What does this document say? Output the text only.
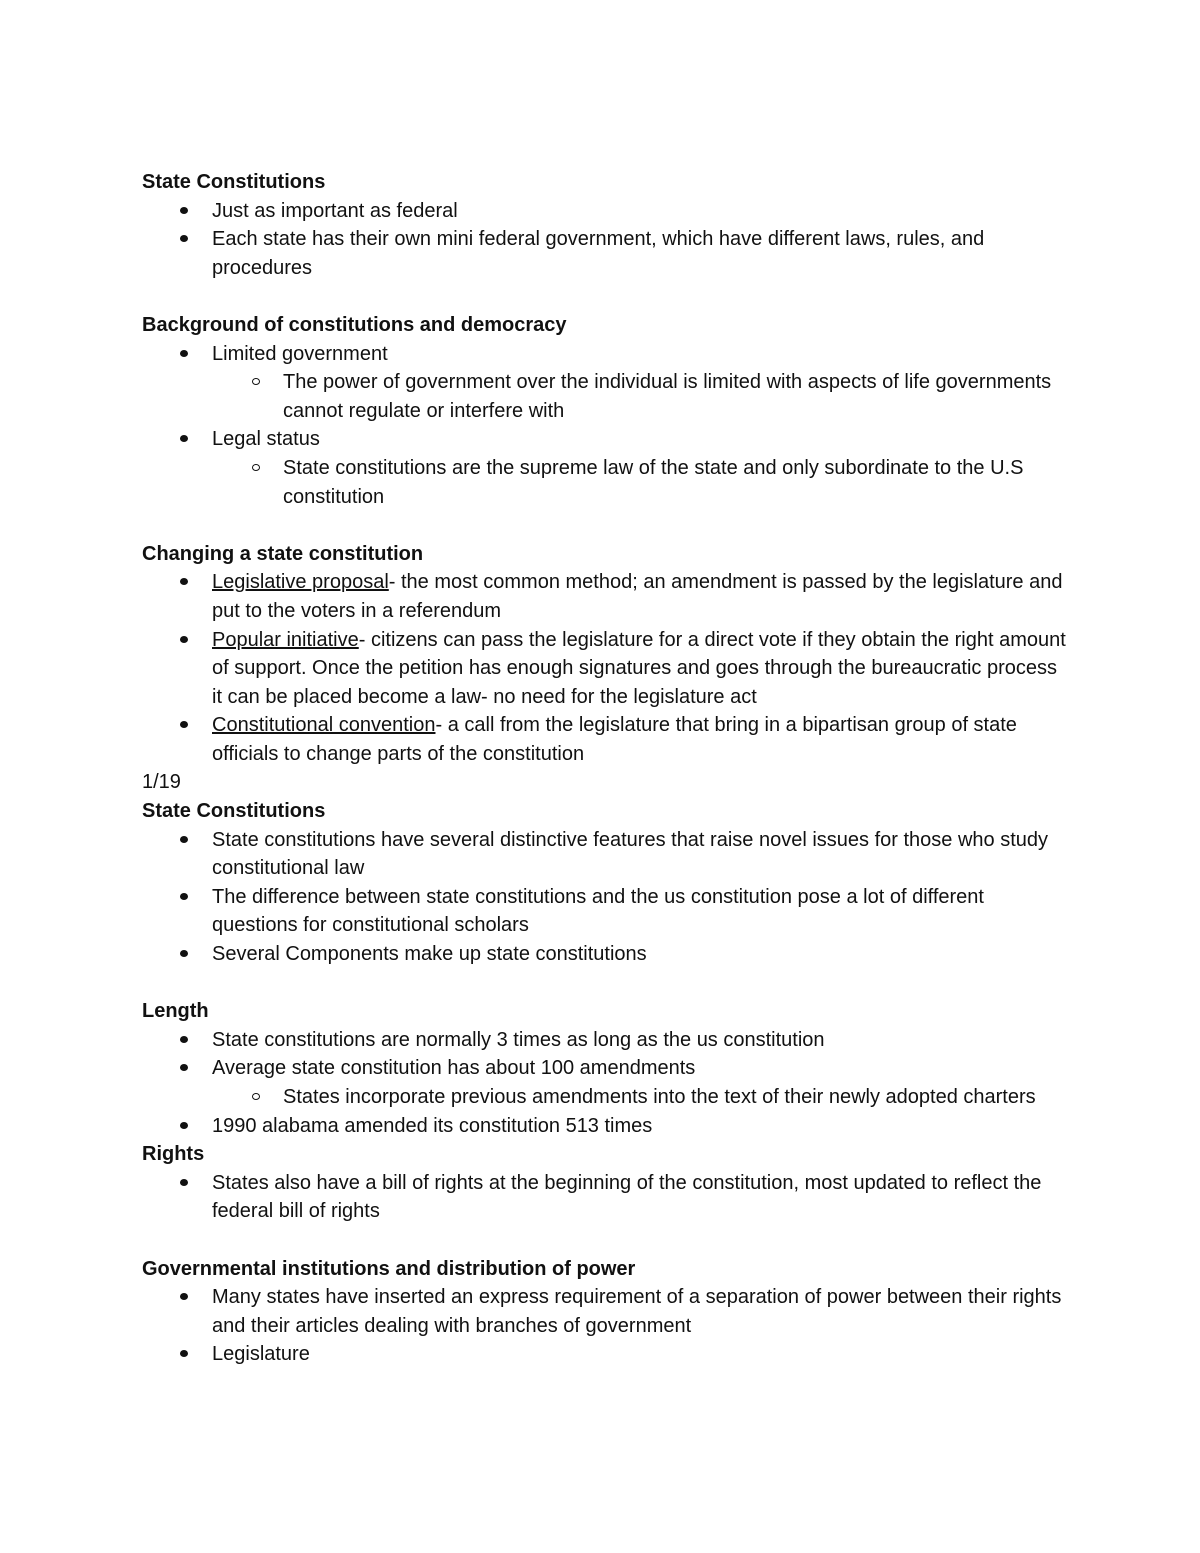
State Constitutions

Just as important as federal
Each state has their own mini federal government, which have different laws, rules, and procedures

Background of constitutions and democracy

Limited government
The power of government over the individual is limited with aspects of life governments cannot regulate or interfere with
Legal status
State constitutions are the supreme law of the state and only subordinate to the U.S constitution

Changing a state constitution

Legislative proposal- the most common method; an amendment is passed by the legislature and put to the voters in a referendum
Popular initiative- citizens can pass the legislature for a direct vote if they obtain the right amount of support. Once the petition has enough signatures and goes through the bureaucratic process it can be placed become a law- no need for the legislature act
Constitutional convention- a call from the legislature that bring in a bipartisan group of state officials to change parts of the constitution

1/19

State Constitutions

State constitutions have several distinctive features that raise novel issues for those who study constitutional law
The difference between state constitutions and the us constitution pose a lot of different questions for constitutional scholars
Several Components make up state constitutions

Length

State constitutions are normally 3 times as long as the us constitution
Average state constitution has about 100 amendments
States incorporate previous amendments into the text of their newly adopted charters
1990 alabama amended its constitution 513 times

Rights

States also have a bill of rights at the beginning of the constitution, most updated to reflect the federal bill of rights

Governmental institutions and distribution of power

Many states have inserted an express requirement of a separation of power between their rights and their articles dealing with branches of government
Legislature
